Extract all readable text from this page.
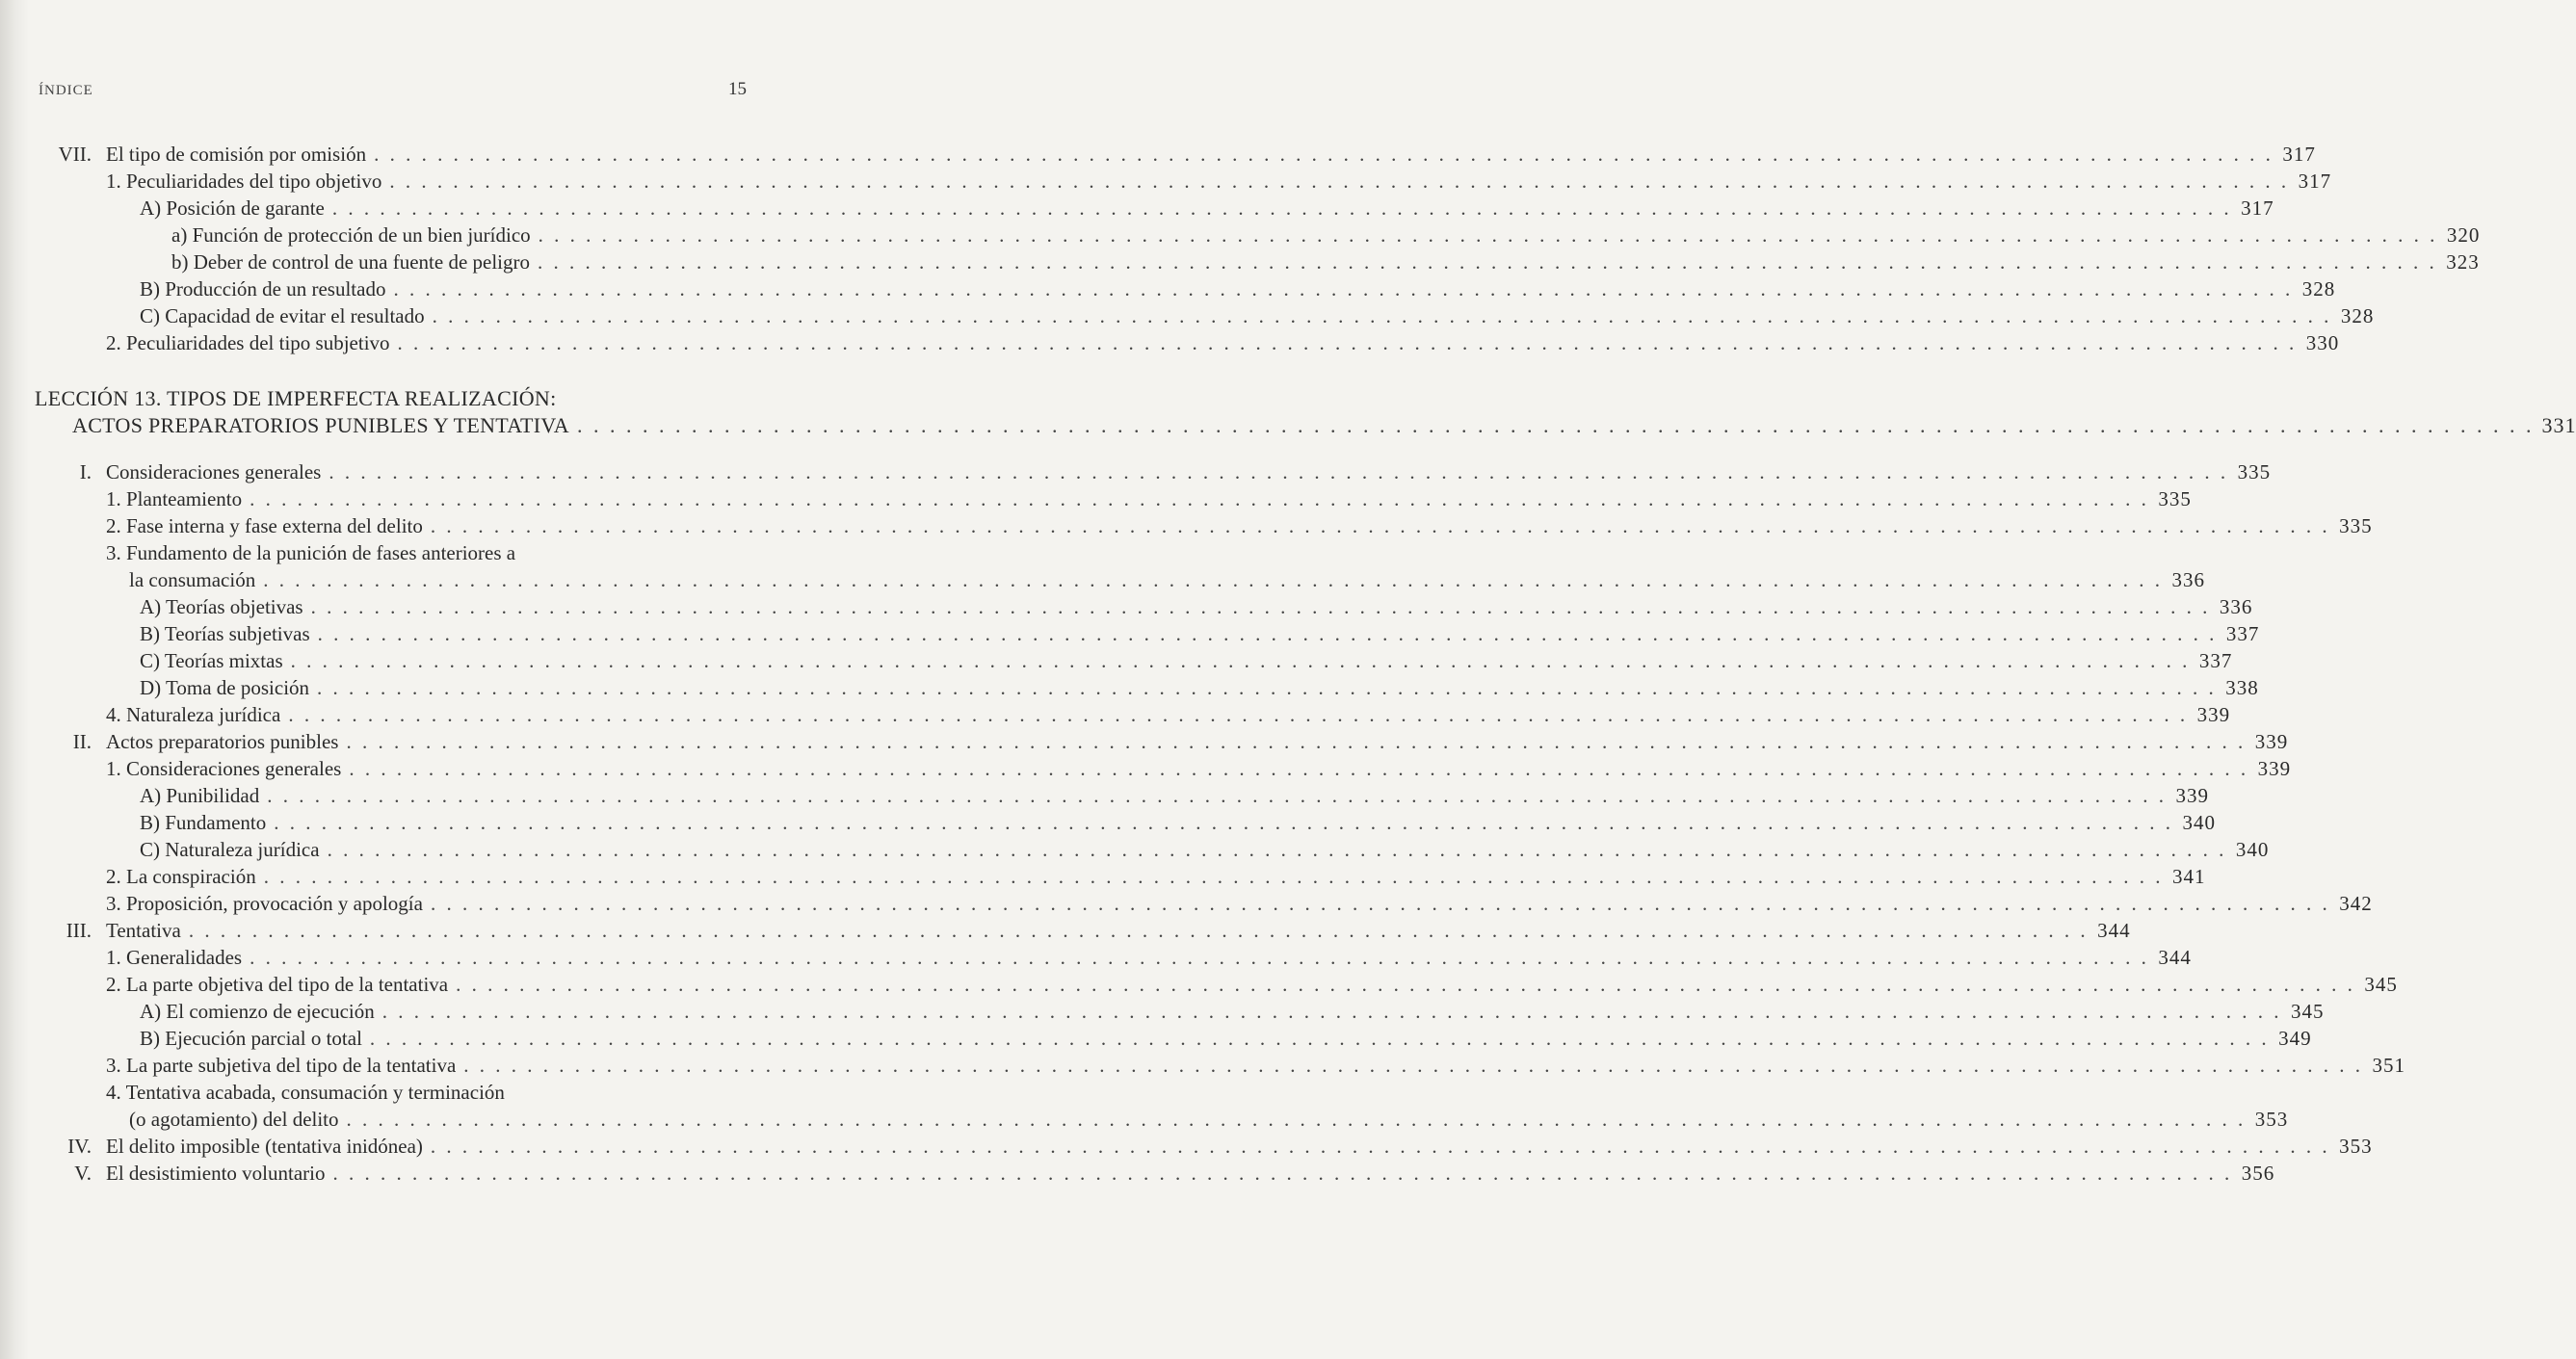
ÍNDICE	15
VII. El tipo de comisión por omisión . . . . . . . . . . . . . . . . . . . . . . . . . . . . . . . . . . . . . . . . . . . . . . . . . . . . . . . . . . . . . . . . . . . . . . . . . . . . . . . . . . . . . . . . . . . . . . . . . . . . . . . . . . . . . . . . . . . . . . . . 317
1. Peculiaridades del tipo objetivo . . . . . . . . . . . . . . . . . . . . . . . . . . . . . . . . . . . . . . . . . . . . . . . . . . . . . . . . . . . . . . . . . . . . . . . . . . . . . . . . . . . . . . . . . . . . . . . . . . . . . . . . . . . . . . . . . . . . . . . . 317
A) Posición de garante . . . . . . . . . . . . . . . . . . . . . . . . . . . . . . . . . . . . . . . . . . . . . . . . . . . . . . . . . . . . . . . . . . . . . . . . . . . . . . . . . . . . . . . . . . . . . . . . . . . . . . . . . . . . . . . . . . . . . . . . 317
a) Función de protección de un bien jurídico . . . . . . . . . . . . . . . . . . . . . . . . . . . . . . . . . . . . . . . . . . . . . . . . . . . . . . . . . . . . . . . . . . . . . . . . . . . . . . . . . . . . . . . . . . . . . . . . . . . . . . . . . . . . . . . . . . . . . . . . 320
b) Deber de control de una fuente de peligro . . . . . . . . . . . . . . . . . . . . . . . . . . . . . . . . . . . . . . . . . . . . . . . . . . . . . . . . . . . . . . . . . . . . . . . . . . . . . . . . . . . . . . . . . . . . . . . . . . . . . . . . . . . . . . . . . . . . . . . . 323
B) Producción de un resultado . . . . . . . . . . . . . . . . . . . . . . . . . . . . . . . . . . . . . . . . . . . . . . . . . . . . . . . . . . . . . . . . . . . . . . . . . . . . . . . . . . . . . . . . . . . . . . . . . . . . . . . . . . . . . . . . . . . . . . . . 328
C) Capacidad de evitar el resultado . . . . . . . . . . . . . . . . . . . . . . . . . . . . . . . . . . . . . . . . . . . . . . . . . . . . . . . . . . . . . . . . . . . . . . . . . . . . . . . . . . . . . . . . . . . . . . . . . . . . . . . . . . . . . . . . . . . . . . . . 328
2. Peculiaridades del tipo subjetivo . . . . . . . . . . . . . . . . . . . . . . . . . . . . . . . . . . . . . . . . . . . . . . . . . . . . . . . . . . . . . . . . . . . . . . . . . . . . . . . . . . . . . . . . . . . . . . . . . . . . . . . . . . . . . . . . . . . . . . . . 330
LECCIÓN 13. TIPOS DE IMPERFECTA REALIZACIÓN:
ACTOS PREPARATORIOS PUNIBLES Y TENTATIVA . . . . . . . . . . . . . . . . . . . . . . . . . . . . . . . . . . . . . . . . . . . . . . . . . . . . . . . . . . . . . . . . . . . . . . . . . . . . . . . . . . . . . . . . . . . . . . . . . . . . . . . . . . . . . . . . . . . . . . . . 331
I. Consideraciones generales . . . . . . . . . . . . . . . . . . . . . . . . . . . . . . . . . . . . . . . . . . . . . . . . . . . . . . . . . . . . . . . . . . . . . . . . . . . . . . . . . . . . . . . . . . . . . . . . . . . . . . . . . . . . . . . . . . . . . . . . 335
1. Planteamiento . . . . . . . . . . . . . . . . . . . . . . . . . . . . . . . . . . . . . . . . . . . . . . . . . . . . . . . . . . . . . . . . . . . . . . . . . . . . . . . . . . . . . . . . . . . . . . . . . . . . . . . . . . . . . . . . . . . . . . . . 335
2. Fase interna y fase externa del delito . . . . . . . . . . . . . . . . . . . . . . . . . . . . . . . . . . . . . . . . . . . . . . . . . . . . . . . . . . . . . . . . . . . . . . . . . . . . . . . . . . . . . . . . . . . . . . . . . . . . . . . . . . . . . . . . . . . . . . . . 335
3. Fundamento de la punición de fases anteriores a
la consumación . . . . . . . . . . . . . . . . . . . . . . . . . . . . . . . . . . . . . . . . . . . . . . . . . . . . . . . . . . . . . . . . . . . . . . . . . . . . . . . . . . . . . . . . . . . . . . . . . . . . . . . . . . . . . . . . . . . . . . . . 336
A) Teorías objetivas . . . . . . . . . . . . . . . . . . . . . . . . . . . . . . . . . . . . . . . . . . . . . . . . . . . . . . . . . . . . . . . . . . . . . . . . . . . . . . . . . . . . . . . . . . . . . . . . . . . . . . . . . . . . . . . . . . . . . . . . 336
B) Teorías subjetivas . . . . . . . . . . . . . . . . . . . . . . . . . . . . . . . . . . . . . . . . . . . . . . . . . . . . . . . . . . . . . . . . . . . . . . . . . . . . . . . . . . . . . . . . . . . . . . . . . . . . . . . . . . . . . . . . . . . . . . . . 337
C) Teorías mixtas . . . . . . . . . . . . . . . . . . . . . . . . . . . . . . . . . . . . . . . . . . . . . . . . . . . . . . . . . . . . . . . . . . . . . . . . . . . . . . . . . . . . . . . . . . . . . . . . . . . . . . . . . . . . . . . . . . . . . . . . 337
D) Toma de posición . . . . . . . . . . . . . . . . . . . . . . . . . . . . . . . . . . . . . . . . . . . . . . . . . . . . . . . . . . . . . . . . . . . . . . . . . . . . . . . . . . . . . . . . . . . . . . . . . . . . . . . . . . . . . . . . . . . . . . . . 338
4. Naturaleza jurídica . . . . . . . . . . . . . . . . . . . . . . . . . . . . . . . . . . . . . . . . . . . . . . . . . . . . . . . . . . . . . . . . . . . . . . . . . . . . . . . . . . . . . . . . . . . . . . . . . . . . . . . . . . . . . . . . . . . . . . . . 339
II. Actos preparatorios punibles . . . . . . . . . . . . . . . . . . . . . . . . . . . . . . . . . . . . . . . . . . . . . . . . . . . . . . . . . . . . . . . . . . . . . . . . . . . . . . . . . . . . . . . . . . . . . . . . . . . . . . . . . . . . . . . . . . . . . . . . 339
1. Consideraciones generales . . . . . . . . . . . . . . . . . . . . . . . . . . . . . . . . . . . . . . . . . . . . . . . . . . . . . . . . . . . . . . . . . . . . . . . . . . . . . . . . . . . . . . . . . . . . . . . . . . . . . . . . . . . . . . . . . . . . . . . . 339
A) Punibilidad . . . . . . . . . . . . . . . . . . . . . . . . . . . . . . . . . . . . . . . . . . . . . . . . . . . . . . . . . . . . . . . . . . . . . . . . . . . . . . . . . . . . . . . . . . . . . . . . . . . . . . . . . . . . . . . . . . . . . . . . 339
B) Fundamento . . . . . . . . . . . . . . . . . . . . . . . . . . . . . . . . . . . . . . . . . . . . . . . . . . . . . . . . . . . . . . . . . . . . . . . . . . . . . . . . . . . . . . . . . . . . . . . . . . . . . . . . . . . . . . . . . . . . . . . . 340
C) Naturaleza jurídica . . . . . . . . . . . . . . . . . . . . . . . . . . . . . . . . . . . . . . . . . . . . . . . . . . . . . . . . . . . . . . . . . . . . . . . . . . . . . . . . . . . . . . . . . . . . . . . . . . . . . . . . . . . . . . . . . . . . . . . . 340
2. La conspiración . . . . . . . . . . . . . . . . . . . . . . . . . . . . . . . . . . . . . . . . . . . . . . . . . . . . . . . . . . . . . . . . . . . . . . . . . . . . . . . . . . . . . . . . . . . . . . . . . . . . . . . . . . . . . . . . . . . . . . . . 341
3. Proposición, provocación y apología . . . . . . . . . . . . . . . . . . . . . . . . . . . . . . . . . . . . . . . . . . . . . . . . . . . . . . . . . . . . . . . . . . . . . . . . . . . . . . . . . . . . . . . . . . . . . . . . . . . . . . . . . . . . . . . . . . . . . . . . 342
III. Tentativa . . . . . . . . . . . . . . . . . . . . . . . . . . . . . . . . . . . . . . . . . . . . . . . . . . . . . . . . . . . . . . . . . . . . . . . . . . . . . . . . . . . . . . . . . . . . . . . . . . . . . . . . . . . . . . . . . . . . . . . . 344
1. Generalidades . . . . . . . . . . . . . . . . . . . . . . . . . . . . . . . . . . . . . . . . . . . . . . . . . . . . . . . . . . . . . . . . . . . . . . . . . . . . . . . . . . . . . . . . . . . . . . . . . . . . . . . . . . . . . . . . . . . . . . . . 344
2. La parte objetiva del tipo de la tentativa . . . . . . . . . . . . . . . . . . . . . . . . . . . . . . . . . . . . . . . . . . . . . . . . . . . . . . . . . . . . . . . . . . . . . . . . . . . . . . . . . . . . . . . . . . . . . . . . . . . . . . . . . . . . . . . . . . . . . . . . 345
A) El comienzo de ejecución . . . . . . . . . . . . . . . . . . . . . . . . . . . . . . . . . . . . . . . . . . . . . . . . . . . . . . . . . . . . . . . . . . . . . . . . . . . . . . . . . . . . . . . . . . . . . . . . . . . . . . . . . . . . . . . . . . . . . . . . 345
B) Ejecución parcial o total . . . . . . . . . . . . . . . . . . . . . . . . . . . . . . . . . . . . . . . . . . . . . . . . . . . . . . . . . . . . . . . . . . . . . . . . . . . . . . . . . . . . . . . . . . . . . . . . . . . . . . . . . . . . . . . . . . . . . . . . 349
3. La parte subjetiva del tipo de la tentativa . . . . . . . . . . . . . . . . . . . . . . . . . . . . . . . . . . . . . . . . . . . . . . . . . . . . . . . . . . . . . . . . . . . . . . . . . . . . . . . . . . . . . . . . . . . . . . . . . . . . . . . . . . . . . . . . . . . . . . . . 351
4. Tentativa acabada, consumación y terminación
(o agotamiento) del delito . . . . . . . . . . . . . . . . . . . . . . . . . . . . . . . . . . . . . . . . . . . . . . . . . . . . . . . . . . . . . . . . . . . . . . . . . . . . . . . . . . . . . . . . . . . . . . . . . . . . . . . . . . . . . . . . . . . . . . . . 353
IV. El delito imposible (tentativa inidónea) . . . . . . . . . . . . . . . . . . . . . . . . . . . . . . . . . . . . . . . . . . . . . . . . . . . . . . . . . . . . . . . . . . . . . . . . . . . . . . . . . . . . . . . . . . . . . . . . . . . . . . . . . . . . . . . . . . . . . . . . 353
V. El desistimiento voluntario . . . . . . . . . . . . . . . . . . . . . . . . . . . . . . . . . . . . . . . . . . . . . . . . . . . . . . . . . . . . . . . . . . . . . . . . . . . . . . . . . . . . . . . . . . . . . . . . . . . . . . . . . . . . . . . . . . . . . . . . 356
